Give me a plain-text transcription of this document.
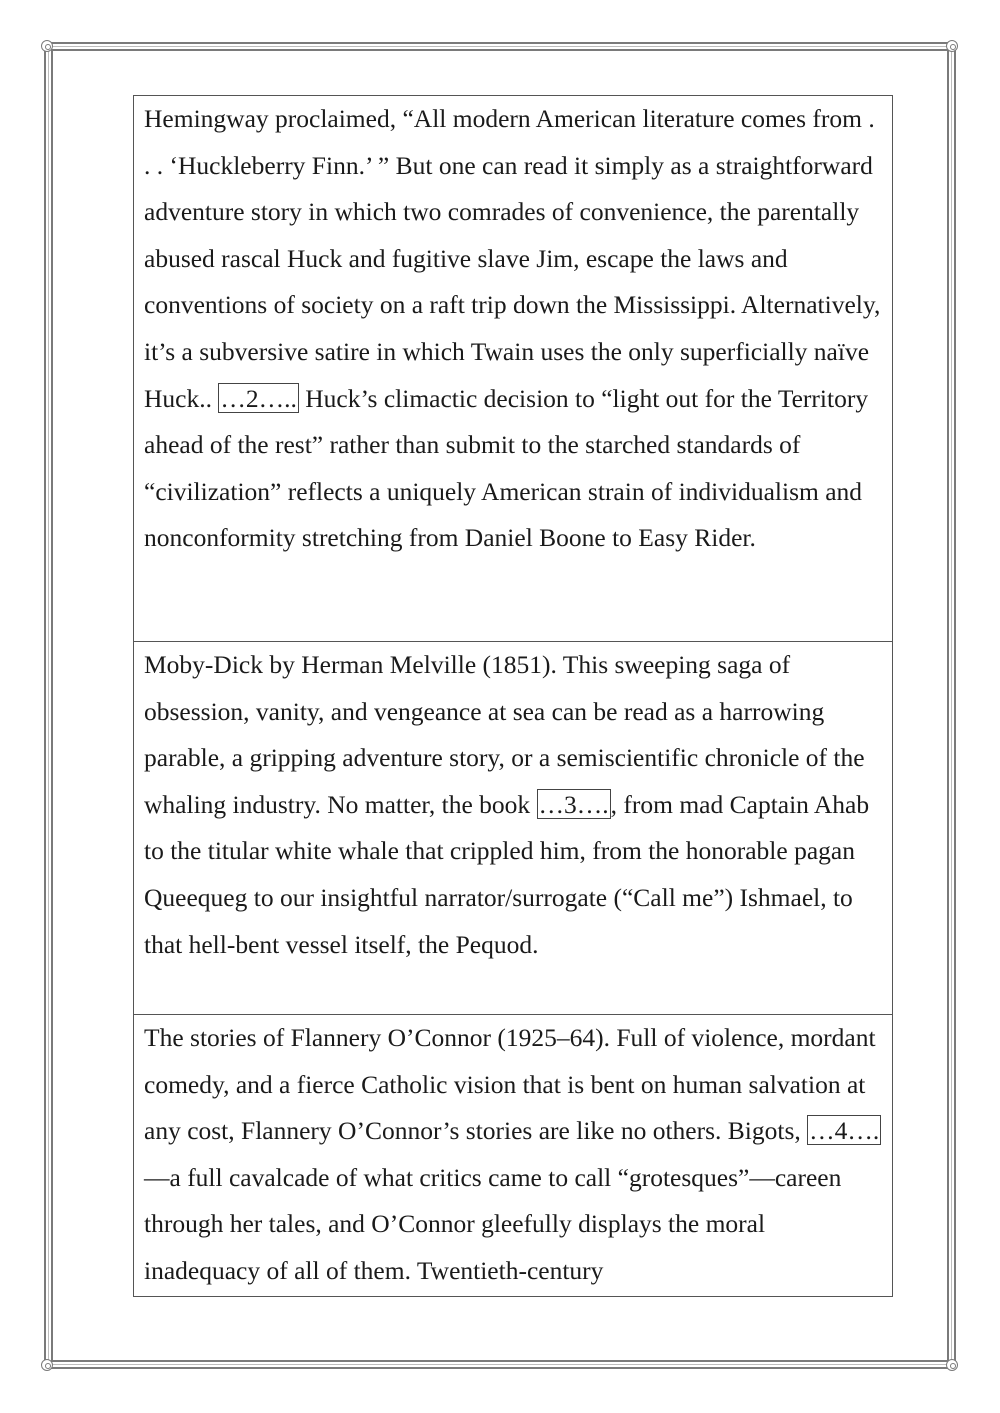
Hemingway proclaimed, “All modern American literature comes from . . . ‘Huckleberry Finn.’ ” But one can read it simply as a straightforward adventure story in which two comrades of convenience, the parentally abused rascal Huck and fugitive slave Jim, escape the laws and conventions of society on a raft trip down the Mississippi. Alternatively, it’s a subversive satire in which Twain uses the only superficially naïve Huck.. …2….. Huck’s climactic decision to “light out for the Territory ahead of the rest” rather than submit to the starched standards of “civilization” reflects a uniquely American strain of individualism and nonconformity stretching from Daniel Boone to Easy Rider.
Moby-Dick by Herman Melville (1851). This sweeping saga of obsession, vanity, and vengeance at sea can be read as a harrowing parable, a gripping adventure story, or a semiscientific chronicle of the whaling industry. No matter, the book …3…., from mad Captain Ahab to the titular white whale that crippled him, from the honorable pagan Queequeg to our insightful narrator/surrogate (“Call me”) Ishmael, to that hell-bent vessel itself, the Pequod.
The stories of Flannery O’Connor (1925–64). Full of violence, mordant comedy, and a fierce Catholic vision that is bent on human salvation at any cost, Flannery O’Connor’s stories are like no others. Bigots, …4….—a full cavalcade of what critics came to call “grotesques”—careen through her tales, and O’Connor gleefully displays the moral inadequacy of all of them. Twentieth-century
